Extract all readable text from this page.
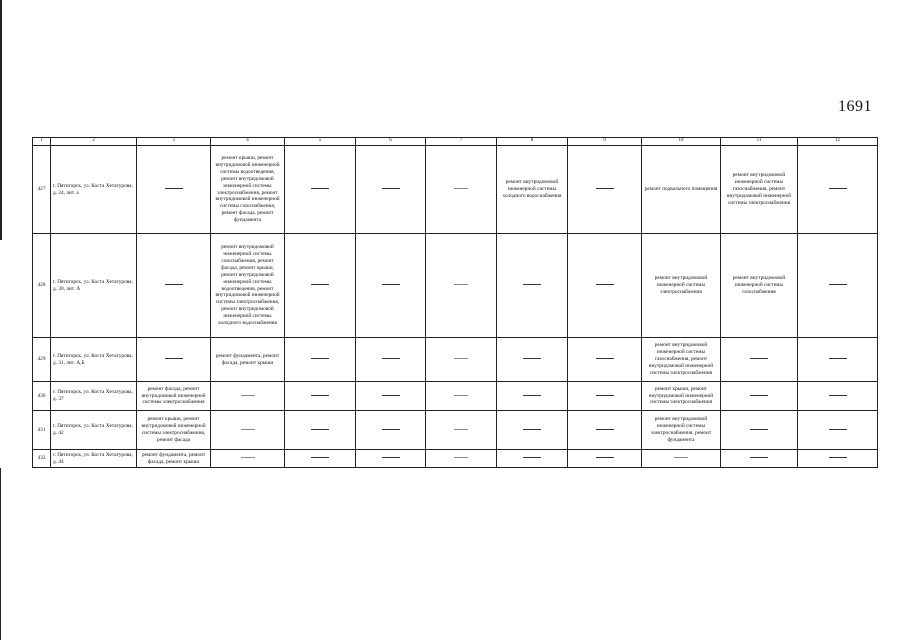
1691
1	2	3	4	5	6	7	8	9	10	11	12
427	г. Пятигорск, ул. Коста Хетагурова, д. 24, лит. а		ремонт крыши, ремонт внутридомовой инженерной системы водоотведения, ремонт внутридомовой инженерной системы электроснабжения, ремонт внутридомовой инженерной системы газоснабжения, ремонт фасада, ремонт фундамента				ремонт внутридомовой инженерной системы холодного водоснабжения		ремонт подвального помещения	ремонт внутридомовой инженерной системы газоснабжения, ремонт внутридомовой инженерной системы электроснабжения	

428	г. Пятигорск, ул. Коста Хетагурова, д. 30, лит. А		ремонт внутридомовой инженерной системы газоснабжения, ремонт фасада, ремонт крыши, ремонт внутридомовой инженерной системы водоотведения, ремонт внутридомовой инженерной системы электроснабжения, ремонт внутридомовой инженерной системы холодного водоснабжения						ремонт внутридомовой инженерной системы электроснабжения	ремонт внутридомовой инженерной системы газоснабжения	

429	г. Пятигорск, ул. Коста Хетагурова, д. 31, лит. А,Б		ремонт фундамента, ремонт фасада, ремонт крыши						ремонт внутридомовой инженерной системы газоснабжения, ремонт внутридомовой инженерной системы электроснабжения		

430	г. Пятигорск, ул. Коста Хетагурова, д. 37	ремонт фасада, ремонт внутридомовой инженерной системы электроснабжения							ремонт крыши, ремонт внутридомовой инженерной системы электроснабжения		

431	г. Пятигорск, ул. Коста Хетагурова, д. 42	ремонт крыши, ремонт внутридомовой инженерной системы электроснабжения, ремонт фасада							ремонт внутридомовой инженерной системы электроснабжения, ремонт фундамента		

432	г. Пятигорск, ул. Коста Хетагурова, д. 44	ремонт фундамента, ремонт фасада, ремонт крыши									
